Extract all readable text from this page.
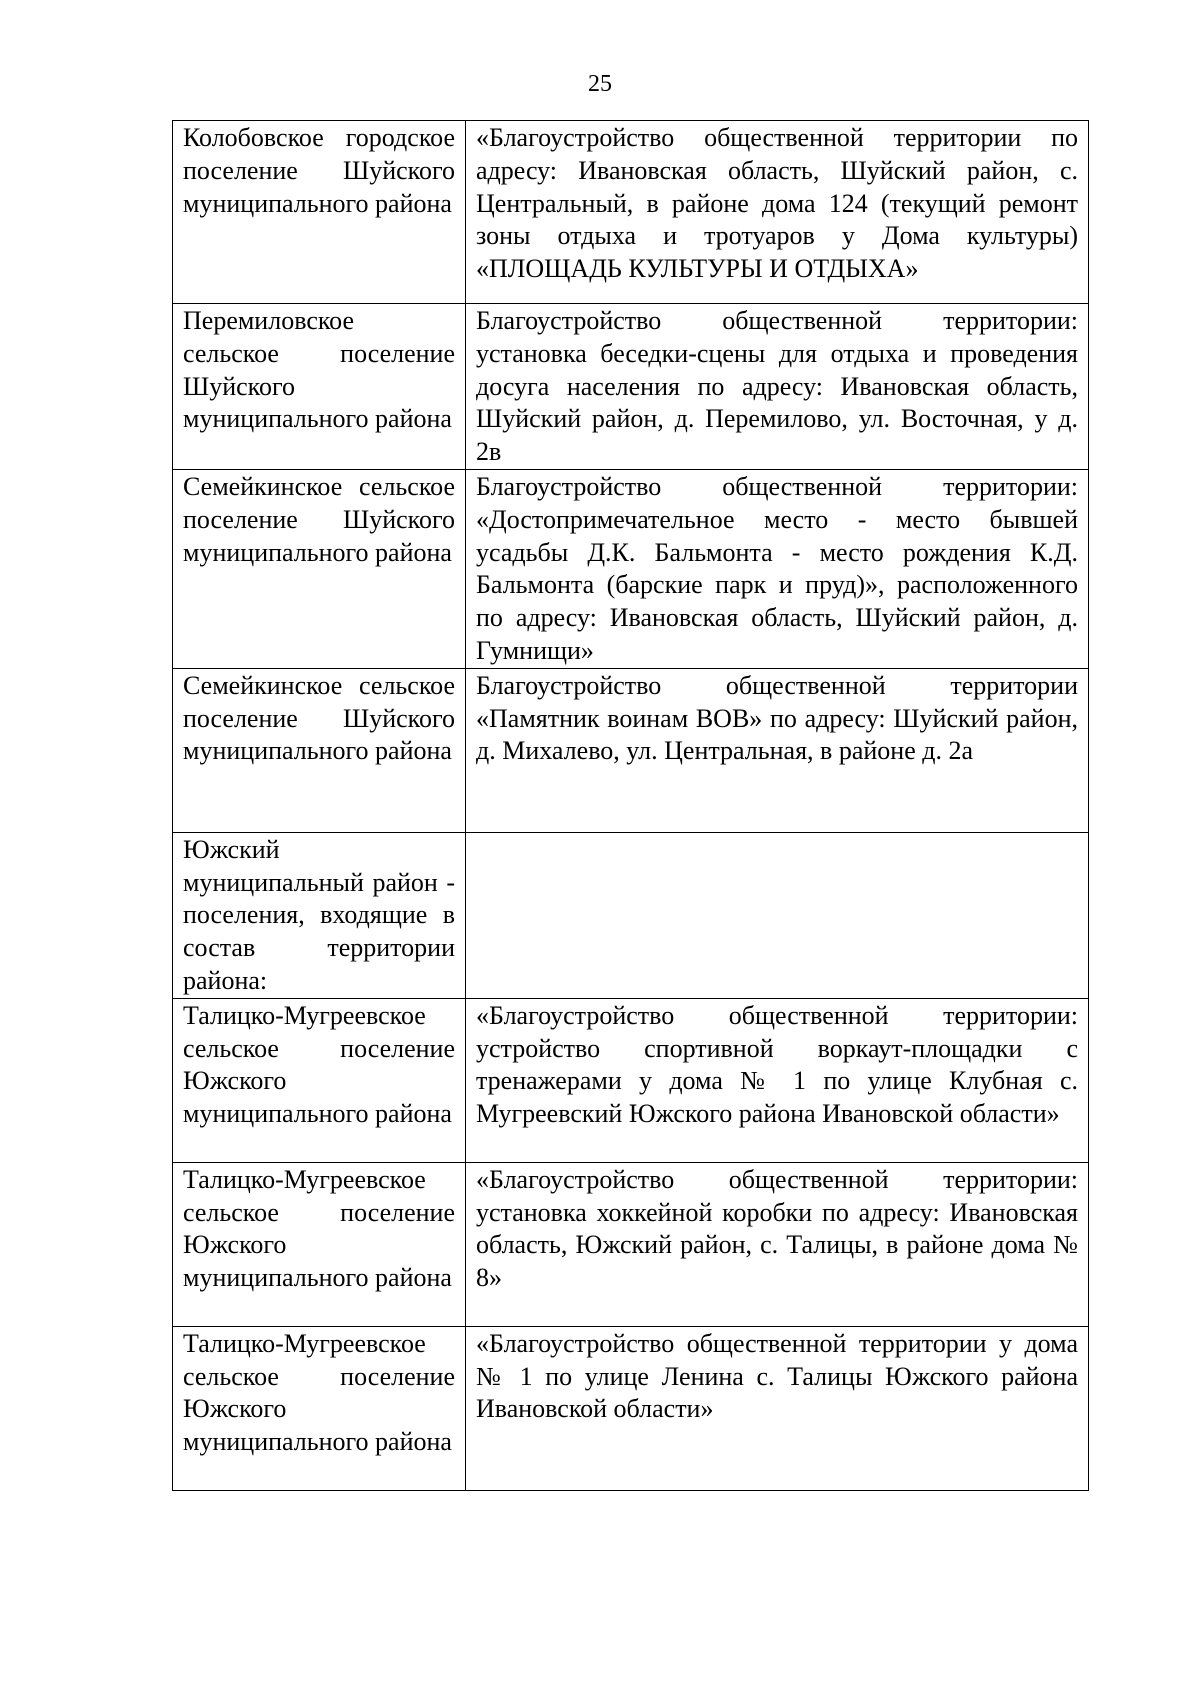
25
Колобовское городское поселение Шуйского муниципального района	«Благоустройство общественной территории по адресу: Ивановская область, Шуйский район, с. Центральный, в районе дома 124 (текущий ремонт зоны отдыха и тротуаров у Дома культуры) «ПЛОЩАДЬ КУЛЬТУРЫ И ОТДЫХА»
Перемиловское сельское поселение Шуйского муниципального района	Благоустройство общественной территории: установка беседки-сцены для отдыха и проведения досуга населения по адресу: Ивановская область, Шуйский район, д. Перемилово, ул. Восточная, у д. 2в
Семейкинское сельское поселение Шуйского муниципального района	Благоустройство общественной территории: «Достопримечательное место - место бывшей усадьбы Д.К. Бальмонта - место рождения К.Д. Бальмонта (барские парк и пруд)», расположенного по адресу: Ивановская область, Шуйский район, д. Гумнищи»
Семейкинское сельское поселение Шуйского муниципального района	Благоустройство общественной территории «Памятник воинам ВОВ» по адресу: Шуйский район, д. Михалево, ул. Центральная, в районе д. 2а
Южский муниципальный район - поселения, входящие в состав территории района:	
Талицко-Мугреевское сельское поселение Южского муниципального района	«Благоустройство общественной территории: устройство спортивной воркаут-площадки с тренажерами у дома № 1 по улице Клубная с. Мугреевский Южского района Ивановской области»
Талицко-Мугреевское сельское поселение Южского муниципального района	«Благоустройство общественной территории: установка хоккейной коробки по адресу: Ивановская область, Южский район, с. Талицы, в районе дома № 8»
Талицко-Мугреевское сельское поселение Южского муниципального района	«Благоустройство общественной территории у дома № 1 по улице Ленина с. Талицы Южского района Ивановской области»
